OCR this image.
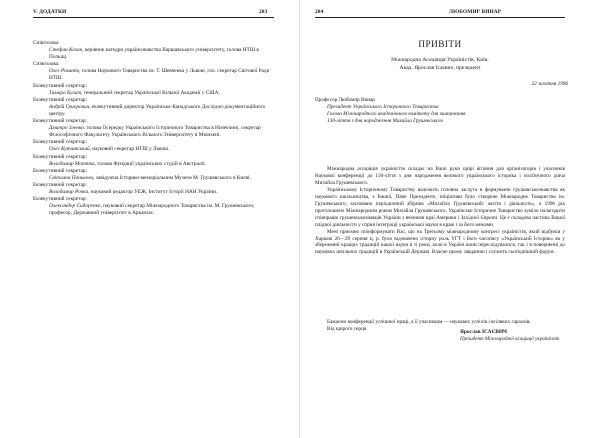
V. ДОДАТКИ	203
Співголова:
Стефан Козак, керівник катедри українознавства Варшавського університету, голова НТШ в Польщі.
Співголова:
Олег Романів, голова Наукового Товариства ім. Т. Шевченка у Львові, гол. секретар Світової Ради НТШ.
Екзекутивний секретар:
Тамара Булат, генеральний секретар Української Вільної Академії у США.
Екзекутивний секретар:
Андрій Гриорович, екзекутивний директор Українсько-Канадського Дослідчо-документаційного центру.
Екзекутивний секретар:
Дмитро Зленко, голова Осередку Українського Історичного Товариства в Німеччині, секретар Філософічного Факультету Українського Вільного Університету в Мюнхені.
Екзекутивний секретар:
Олег Купчинський, науковий секретар НТШ у Львові.
Екзекутивний секретар:
Володимир Моттка, голова Фундації українських студій в Австралії.
Екзекутивний секретар:
Світлана Панькова, завідуюча Історико-меморіальним Музеєм М. Грушевського в Києві.
Екзекутивний секретар:
Володимир Рочка, науковий редактор УЕЖ, Інститут Історії НАН України.
Екзекутивний секретар:
Олександер Сидоренко, науковий секретар Міжнародного Товариства ім. М. Грушевського, професор, Державний університет в Арканзас.
204	ЛЮБОМИР ВИНАР
ПРИВІТИ
Міжнародна Асоціяція Україністів, Київ.
Акад. Ярослав Ісаєвич, президент
22 жовтня 1996
Професор Любомир Винар
Президент Українського Історичного Товариства
Голова Міжнародного академічного комітету для вшанування
130-ліття з дня народження Михайла Грушевського

Міжнародна асоціяція україністів складає на Ваші руки щирі вітання для організаторів і учасників Наукової конференції до 130-ліття з дня народження великого українського історика і політичного діяча Михайла Грушевського.

Українському Історичному Товариству належить головна заслуга в формуванні грушевськознавства як наукового шкільництва, з Вашої, Пане Президенте, ініціативи було створене Міжнародне Товариство ім. Грушевського, засновано періодичний збірник «Михайло Грушевський: життя і діяльність», а 1996 рік проголошено Міжнародним роком Михайла Грушевського. Українське Історичне Товариство зуміло налагодити співпрацю грушевськознавців України з вченими краї Америки і Західної Європи. Це є складова частина Вашої плідної діяльности у сприя інтеграції української науки в краю і за його межами.

Мені приємно поінформувати Вас, що на Третьому міжнародному конгресі україністів, який відбувся у Харкові 26—29 серпня ц. р. було відзначено історну роль УГТ і його часопису «Український Історик» як у збереженні кращих традицій нашої науки в тi роки, коли в Україні вони переслідувалися, так і в поверненні до наукових шкільних традицій в Українській Державі. Власне цьому завданню і служить сьогоднішній форум.

Бажаємо конференції успішної праці, а її учасникам — наукових успіхів і всіляких гаразлів.
Від щирого серця	Ярослав ІСАЄВИЧ
Президент Міжнародної асоціації україністів
